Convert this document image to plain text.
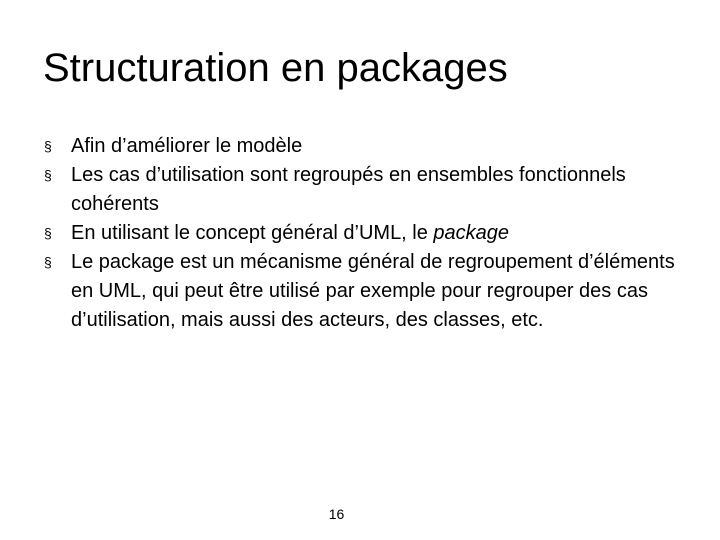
Structuration en packages
§ Afin d’améliorer le modèle
§ Les cas d’utilisation sont regroupés en ensembles fonctionnels cohérents
§ En utilisant le concept général d’UML, le package
§ Le package est un mécanisme général de regroupement d’éléments en UML, qui peut être utilisé par exemple pour regrouper des cas d’utilisation, mais aussi des acteurs, des classes, etc.
16
